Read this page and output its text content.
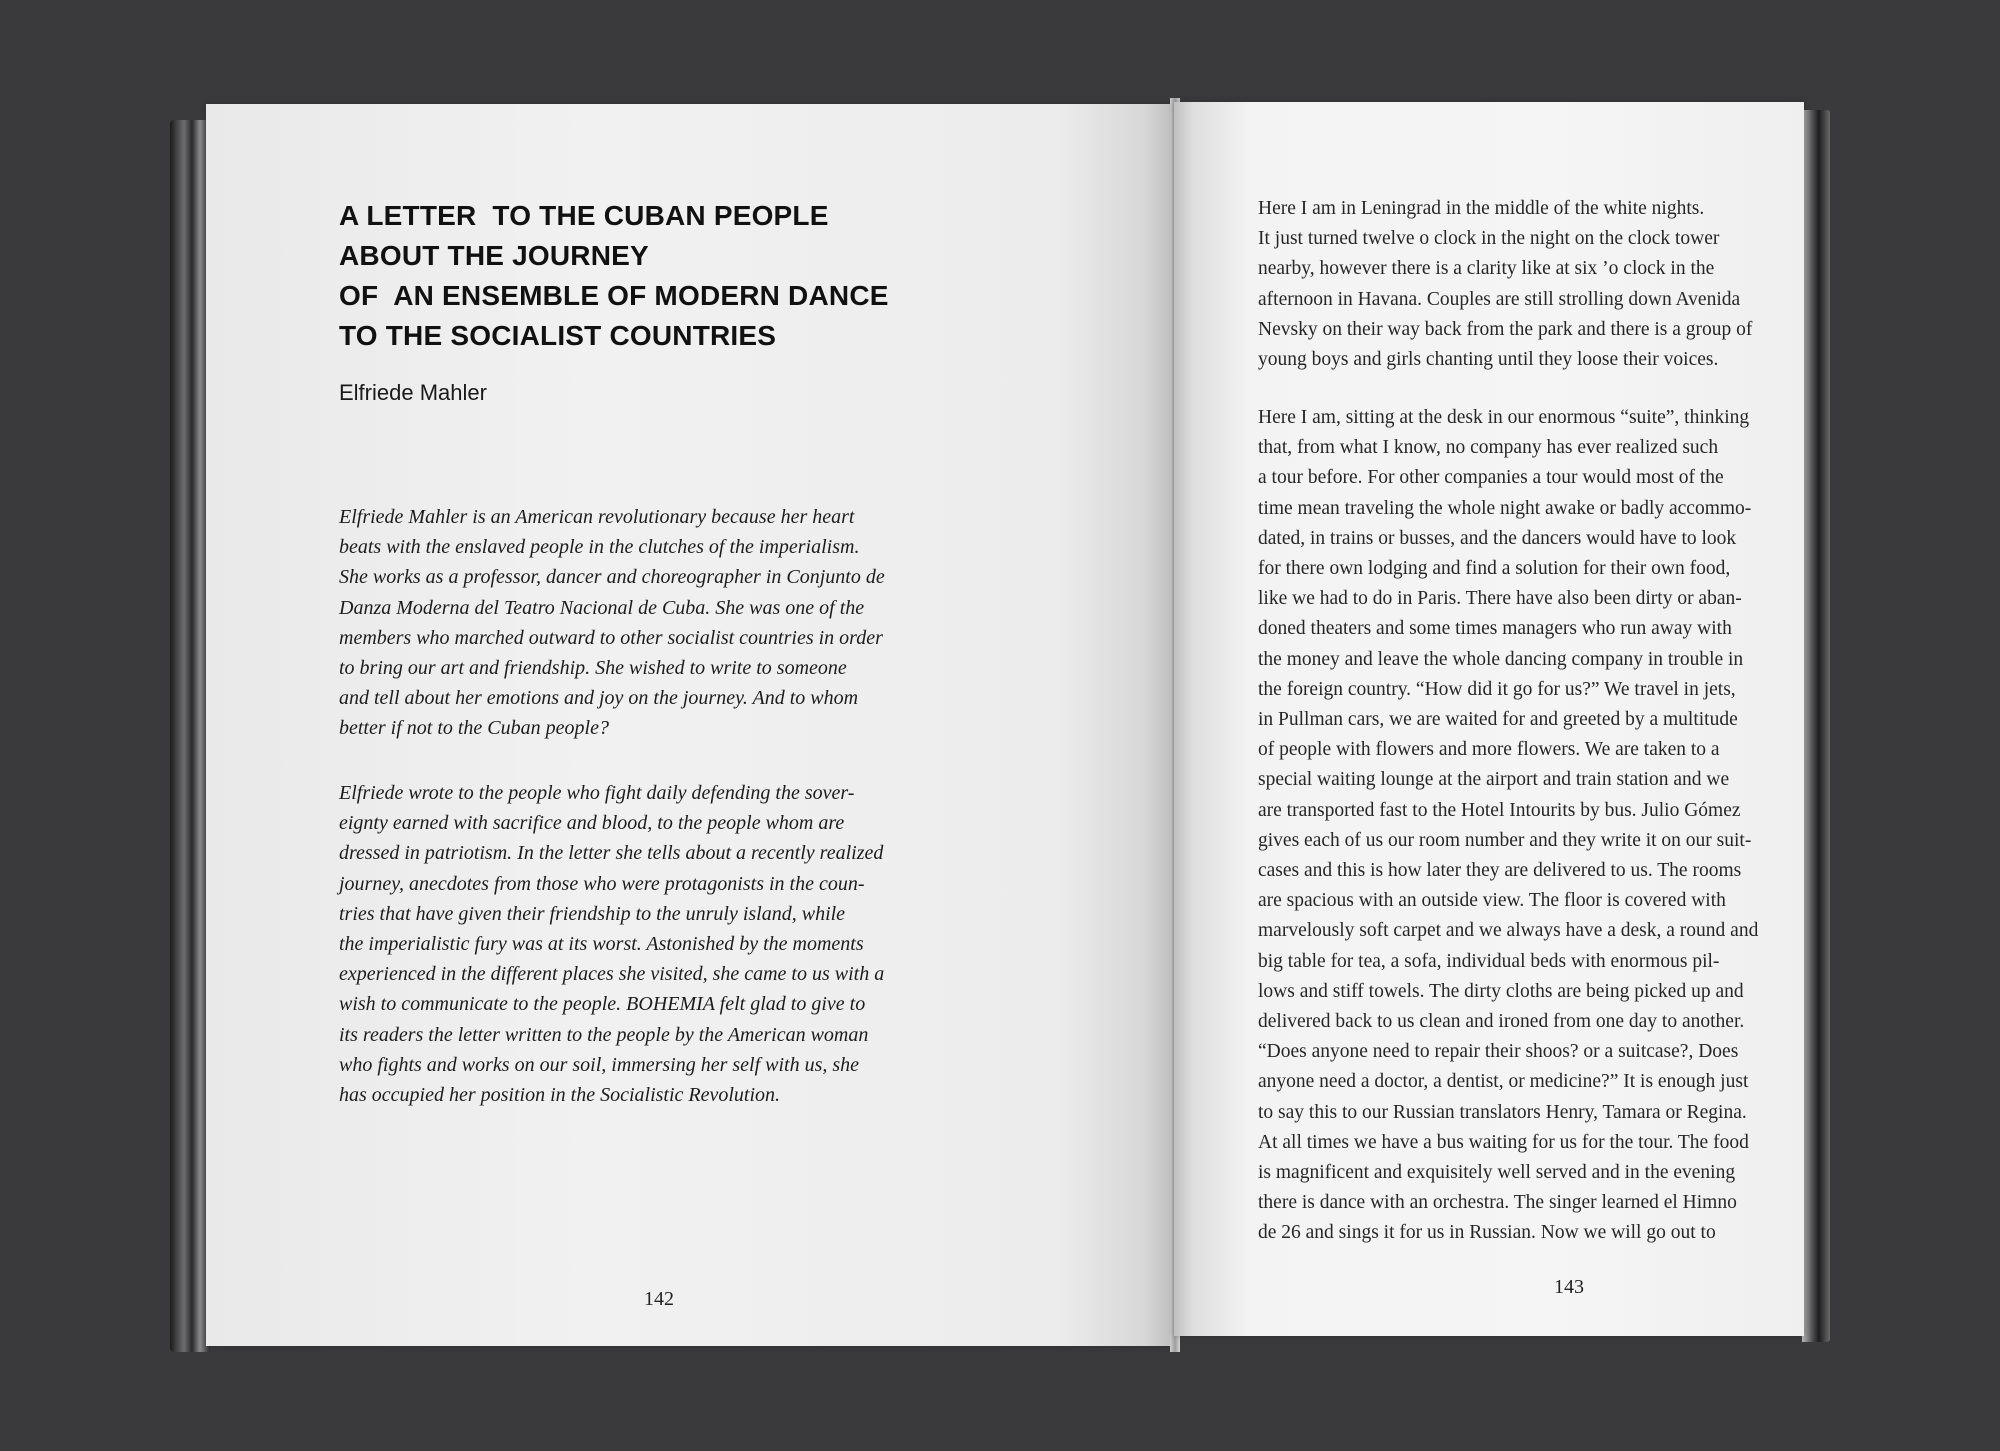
A LETTER  TO THE CUBAN PEOPLE
ABOUT THE JOURNEY
OF  AN ENSEMBLE OF MODERN DANCE
TO THE SOCIALIST COUNTRIES
Elfriede Mahler
Elfriede Mahler is an American revolutionary because her heart
beats with the enslaved people in the clutches of the imperialism.
She works as a professor, dancer and choreographer in Conjunto de
Danza Moderna del Teatro Nacional de Cuba. She was one of the
members who marched outward to other socialist countries in order
to bring our art and friendship. She wished to write to someone
and tell about her emotions and joy on the journey. And to whom
better if not to the Cuban people?
Elfriede wrote to the people who fight daily defending the sover-
eignty earned with sacrifice and blood, to the people whom are
dressed in patriotism. In the letter she tells about a recently realized
journey, anecdotes from those who were protagonists in the coun-
tries that have given their friendship to the unruly island, while
the imperialistic fury was at its worst. Astonished by the moments
experienced in the different places she visited, she came to us with a
wish to communicate to the people. BOHEMIA felt glad to give to
its readers the letter written to the people by the American woman
who fights and works on our soil, immersing her self with us, she
has occupied her position in the Socialistic Revolution.
142
Here I am in Leningrad in the middle of the white nights.
It just turned twelve o clock in the night on the clock tower
nearby, however there is a clarity like at six ’o clock in the
afternoon in Havana. Couples are still strolling down Avenida
Nevsky on their way back from the park and there is a group of
young boys and girls chanting until they loose their voices.
Here I am, sitting at the desk in our enormous “suite”, thinking
that, from what I know, no company has ever realized such
a tour before. For other companies a tour would most of the
time mean traveling the whole night awake or badly accommo-
dated, in trains or busses, and the dancers would have to look
for there own lodging and find a solution for their own food,
like we had to do in Paris. There have also been dirty or aban-
doned theaters and some times managers who run away with
the money and leave the whole dancing company in trouble in
the foreign country. “How did it go for us?” We travel in jets,
in Pullman cars, we are waited for and greeted by a multitude
of people with flowers and more flowers. We are taken to a
special waiting lounge at the airport and train station and we
are transported fast to the Hotel Intourits by bus. Julio Gómez
gives each of us our room number and they write it on our suit-
cases and this is how later they are delivered to us. The rooms
are spacious with an outside view. The floor is covered with
marvelously soft carpet and we always have a desk, a round and
big table for tea, a sofa, individual beds with enormous pil-
lows and stiff towels. The dirty cloths are being picked up and
delivered back to us clean and ironed from one day to another.
“Does anyone need to repair their shoos? or a suitcase?, Does
anyone need a doctor, a dentist, or medicine?” It is enough just
to say this to our Russian translators Henry, Tamara or Regina.
At all times we have a bus waiting for us for the tour. The food
is magnificent and exquisitely well served and in the evening
there is dance with an orchestra. The singer learned el Himno
de 26 and sings it for us in Russian. Now we will go out to
143
